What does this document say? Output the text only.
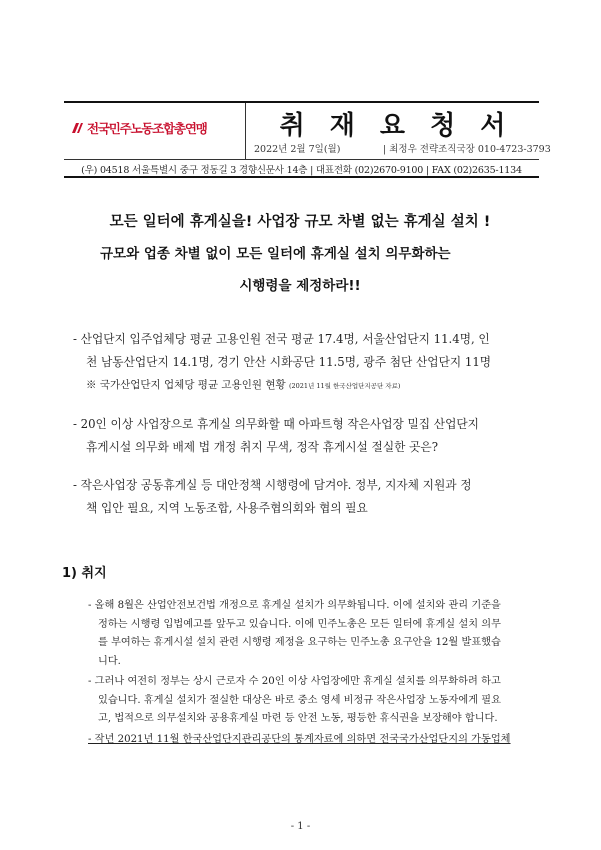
전국민주노동조합총연맹	취 재 요 청 서
2022년 2월 7일(월)	| 최정우 전략조직국장 010-4723-3793
(우) 04518 서울특별시 중구 정동길 3 경향신문사 14층 | 대표전화 (02)2670-9100 | FAX (02)2635-1134
모든 일터에 휴게실을! 사업장 규모 차별 없는 휴게실 설치 !
규모와 업종 차별 없이 모든 일터에 휴게실 설치 의무화하는
시행령을 제정하라!!
- 산업단지 입주업체당 평균 고용인원 전국 평균 17.4명, 서울산업단지 11.4명, 인
천 남동산업단지 14.1명, 경기 안산 시화공단 11.5명, 광주 첨단 산업단지 11명
※ 국가산업단지 업체당 평균 고용인원 현황 (2021년 11월 한국산업단지공단 자료)
- 20인 이상 사업장으로 휴게실 의무화할 때 아파트형 작은사업장 밀집 산업단지
휴게시설 의무화 배제 법 개정 취지 무색, 정작 휴게시설 절실한 곳은?
- 작은사업장 공동휴게실 등 대안정책 시행령에 담겨야. 정부, 지자체 지원과 정
책 입안 필요, 지역 노동조합, 사용주협의회와 협의 필요
1) 취지
- 올해 8월은 산업안전보건법 개정으로 휴게실 설치가 의무화됩니다. 이에 설치와 관리 기준을
정하는 시행령 입법예고를 앞두고 있습니다. 이에 민주노총은 모든 일터에 휴게실 설치 의무
를 부여하는 휴게시설 설치 관련 시행령 제정을 요구하는 민주노총 요구안을 12월 발표했습
니다.
- 그러나 여전히 정부는 상시 근로자 수 20인 이상 사업장에만 휴게실 설치를 의무화하려 하고
있습니다. 휴게실 설치가 절실한 대상은 바로 중소 영세 비정규 작은사업장 노동자에게 필요
고, 법적으로 의무설치와 공용휴게실 마련 등 안전 노동, 평등한 휴식권을 보장해야 합니다.
- 작년 2021년 11월 한국산업단지관리공단의 통계자료에 의하면 전국국가산업단지의 가동업체
- 1 -
